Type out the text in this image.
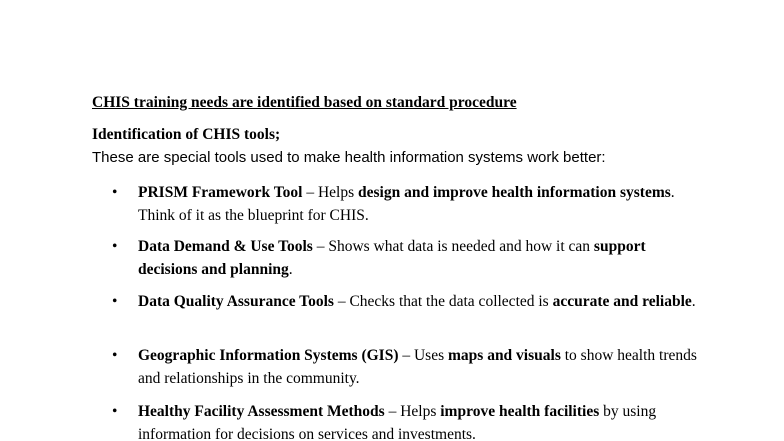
CHIS training needs are identified based on standard procedure
Identification of CHIS tools;
These are special tools used to make health information systems work better:
•	PRISM Framework Tool – Helps design and improve health information systems. Think of it as the blueprint for CHIS.
•	Data Demand & Use Tools – Shows what data is needed and how it can support decisions and planning.
•	Data Quality Assurance Tools – Checks that the data collected is accurate and reliable.
•	Geographic Information Systems (GIS) – Uses maps and visuals to show health trends and relationships in the community.
•	Healthy Facility Assessment Methods – Helps improve health facilities by using information for decisions on services and investments.
